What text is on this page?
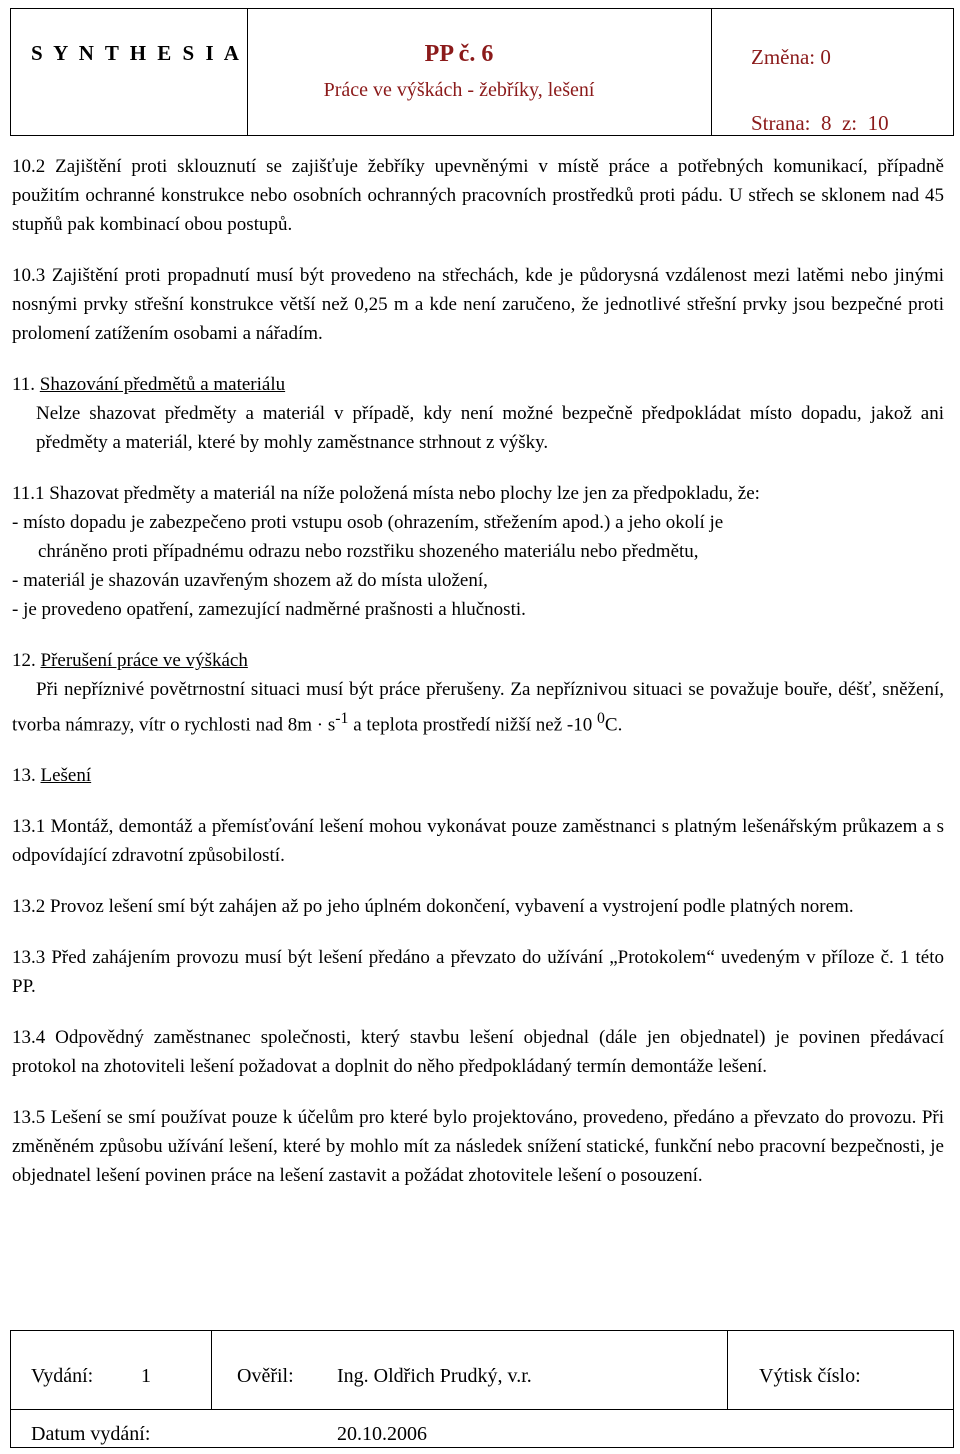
S Y N T H E S I A	PP č. 6
Práce ve výškách - žebříky, lešení
Změna: 0
Strana: 8 z: 10

10.2 Zajištění proti sklouznutí se zajišťuje žebříky upevněnými v místě práce a potřebných komunikací, případně použitím ochranné konstrukce nebo osobních ochranných pracovních prostředků proti pádu. U střech se sklonem nad 45 stupňů pak kombinací obou postupů.

10.3 Zajištění proti propadnutí musí být provedeno na střechách, kde je půdorysná vzdálenost mezi latěmi nebo jinými nosnými prvky střešní konstrukce větší než 0,25 m a kde není zaručeno, že jednotlivé střešní prvky jsou bezpečné proti prolomení zatížením osobami a nářadím.

11. Shazování předmětů a materiálu

Nelze shazovat předměty a materiál v případě, kdy není možné bezpečně předpokládat místo dopadu, jakož ani předměty a materiál, které by mohly zaměstnance strhnout z výšky.

11.1 Shazovat předměty a materiál na níže položená místa nebo plochy lze jen za předpokladu, že:

- místo dopadu je zabezpečeno proti vstupu osob (ohrazením, střežením apod.) a jeho okolí je

chráněno proti případnému odrazu nebo rozstřiku shozeného materiálu nebo předmětu,

- materiál je shazován uzavřeným shozem až do místa uložení,

- je provedeno opatření, zamezující nadměrné prašnosti a hlučnosti.

12. Přerušení práce ve výškách

Při nepříznivé povětrnostní situaci musí být práce přerušeny. Za nepříznivou situaci se považuje bouře, déšť, sněžení, tvorba námrazy, vítr o rychlosti nad $8m \cdot s^{-1}$ a teplota prostředí nižší než -10 $^0$C.

13. Lešení

13.1 Montáž, demontáž a přemísťování lešení mohou vykonávat pouze zaměstnanci s platným lešenářským průkazem a s odpovídající zdravotní způsobilostí.

13.2 Provoz lešení smí být zahájen až po jeho úplném dokončení, vybavení a vystrojení podle platných norem.

13.3 Před zahájením provozu musí být lešení předáno a převzato do užívání „Protokolem“ uvedeným v příloze č. 1 této PP.

13.4 Odpovědný zaměstnanec společnosti, který stavbu lešení objednal (dále jen objednatel) je povinen předávací protokol na zhotoviteli lešení požadovat a doplnit do něho předpokládaný termín demontáže lešení.

13.5 Lešení se smí používat pouze k účelům pro které bylo projektováno, provedeno, předáno a převzato do provozu. Při změněném způsobu užívání lešení, které by mohlo mít za následek snížení statické, funkční nebo pracovní bezpečnosti, je objednatel lešení povinen práce na lešení zastavit a požádat zhotovitele lešení o posouzení.

Vydání: 1	Ověřil: Ing. Oldřich Prudký, v.r.	Výtisk číslo:
Datum vydání:	20.10.2006
